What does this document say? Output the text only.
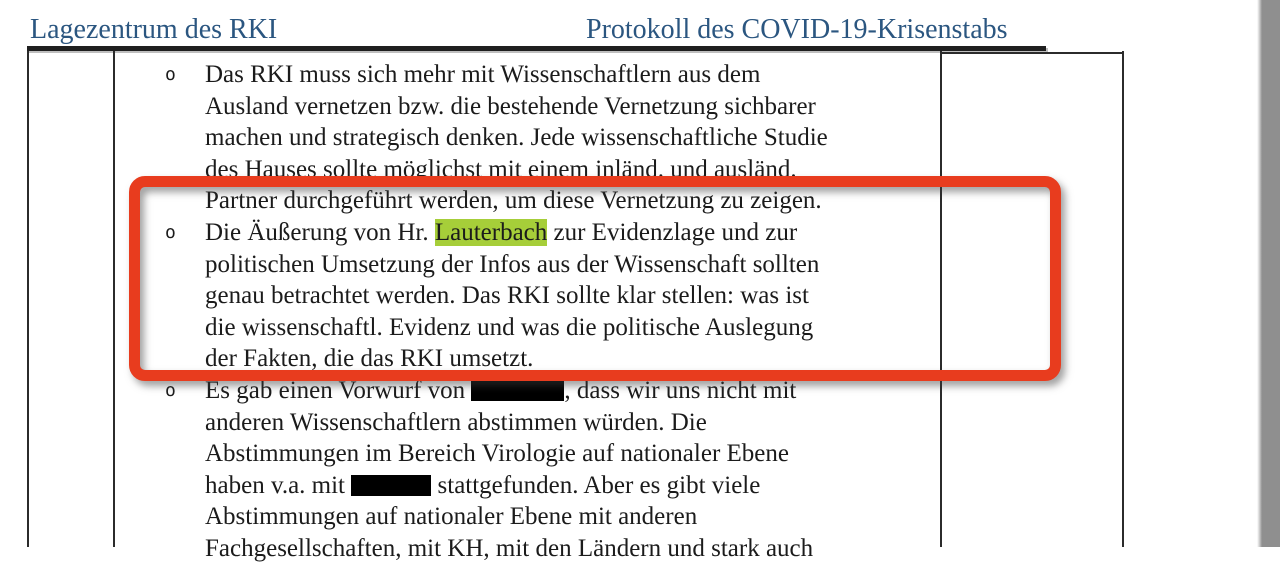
Lagezentrum des RKI	Protokoll des COVID-19-Krisenstabs
o Das RKI muss sich mehr mit Wissenschaftlern aus dem
Ausland vernetzen bzw. die bestehende Vernetzung sichbarer
machen und strategisch denken. Jede wissenschaftliche Studie
des Hauses sollte möglichst mit einem inländ. und ausländ.
Partner durchgeführt werden, um diese Vernetzung zu zeigen.
o Die Äußerung von Hr. Lauterbach zur Evidenzlage und zur
politischen Umsetzung der Infos aus der Wissenschaft sollten
genau betrachtet werden. Das RKI sollte klar stellen: was ist
die wissenschaftl. Evidenz und was die politische Auslegung
der Fakten, die das RKI umsetzt.
o Es gab einen Vorwurf von	, dass wir uns nicht mit
anderen Wissenschaftlern abstimmen würden. Die
Abstimmungen im Bereich Virologie auf nationaler Ebene
haben v.a. mit	stattgefunden. Aber es gibt viele
Abstimmungen auf nationaler Ebene mit anderen
Fachgesellschaften, mit KH, mit den Ländern und stark auch
